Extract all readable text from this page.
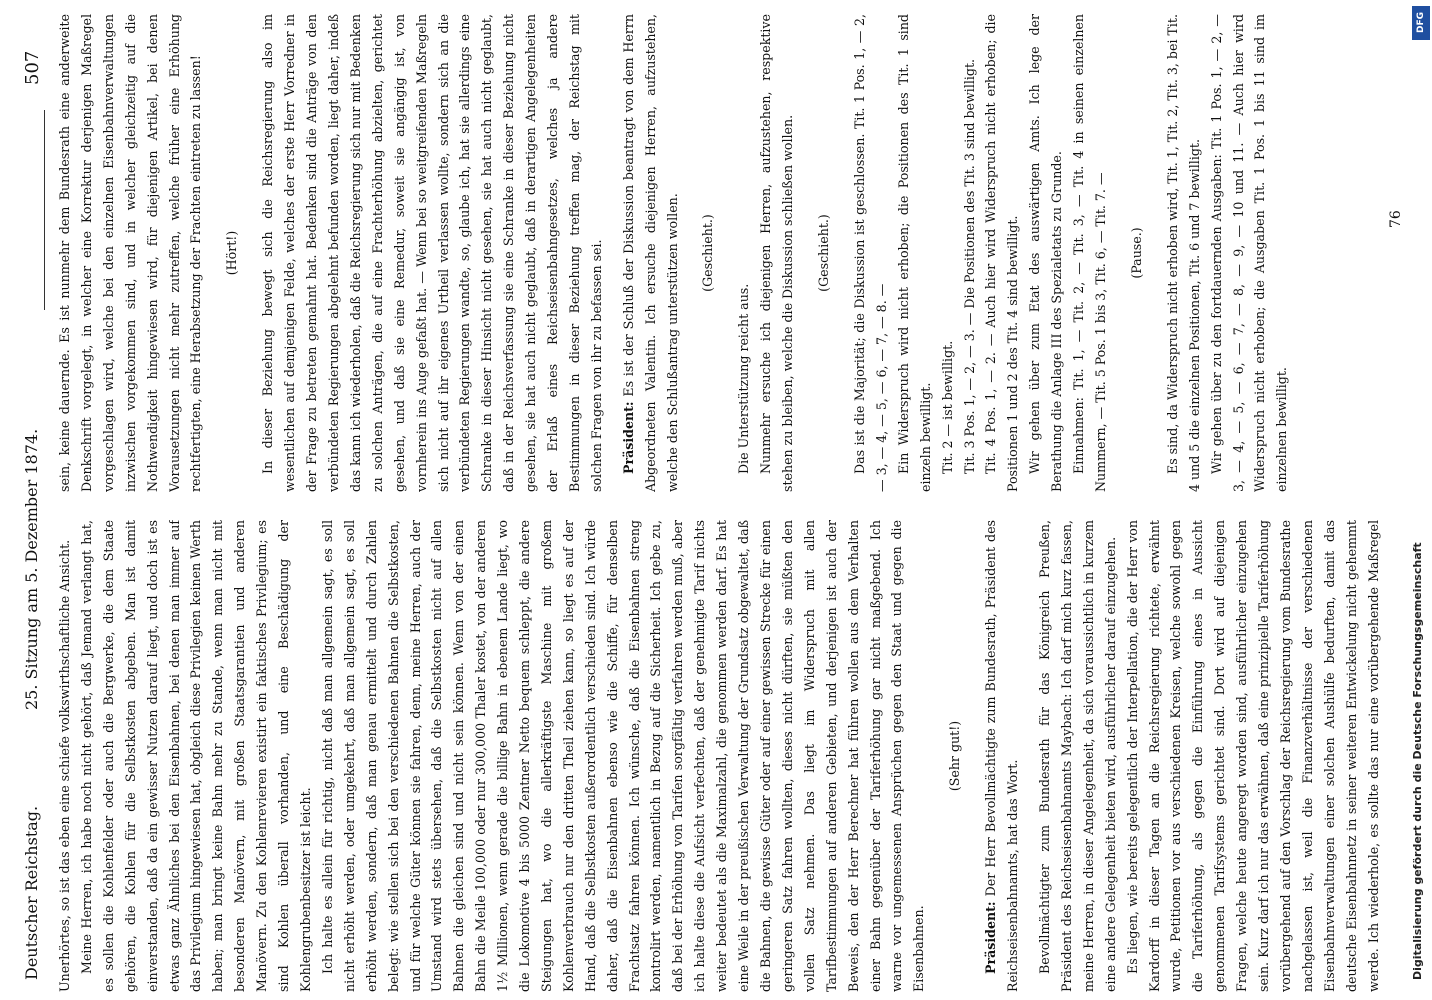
Deutscher Reichstag.
25. Sitzung am 5. Dezember 1874.
507

Unerhörtes, so ist das eben eine schiefe volkswirthschaftliche Ansicht. Meine Herren, ich habe noch nicht gehört, daß Jemand verlangt hat, es sollen die Kohlenfelder oder auch die Bergwerke, die dem Staate gehören, die Kohlen für die Selbstkosten abgeben. Man ist damit einverstanden, daß da ein gewisser Nutzen darauf liegt, und doch ist es etwas ganz Ähnliches bei den Eisenbahnen, bei denen man immer auf das Privilegium hingewiesen hat, obgleich diese Privilegien keinen Werth haben; man bringt keine Bahn mehr zu Stande, wenn man nicht mit besonderen Manövern, mit großen Staatsgarantien und anderen Manövern. Zu den Kohlenrevieren existirt ein faktisches Privilegium; es sind Kohlen überall vorhanden, und eine Beschädigung der Kohlengrubenbesitzer ist leicht. Ich halte es allein für richtig, nicht daß man allgemein sagt, es soll nicht erhöht werden, oder umgekehrt, daß man allgemein sagt, es soll erhöht werden, sondern, daß man genau ermittelt und durch Zahlen belegt: wie stellen sich bei den verschiedenen Bahnen die Selbstkosten, und für welche Güter können sie fahren, denn, meine Herren, auch der Umstand wird stets übersehen, daß die Selbstkosten nicht auf allen Bahnen die gleichen sind und nicht sein können. Wenn von der einen Bahn die Meile 100,000 oder nur 300,000 Thaler kostet, von der anderen 1½ Millionen, wenn gerade die billige Bahn in ebenem Lande liegt, wo die Lokomotive 4 bis 5000 Zentner Netto bequem schleppt, die andere Steigungen hat, wo die allerkräftigste Maschine mit großem Kohlenverbrauch nur den dritten Theil ziehen kann, so liegt es auf der Hand, daß die Selbstkosten außerordentlich verschieden sind. Ich würde daher, daß die Eisenbahnen ebenso wie die Schiffe, für denselben Frachtsatz fahren können. Ich wünsche, daß die Eisenbahnen streng kontrolirt werden, namentlich in Bezug auf die Sicherheit. Ich gebe zu, daß bei der Erhöhung von Tarifen sorgfältig verfahren werden muß, aber ich halte diese die Aufsicht verfechten, daß der genehmigte Tarif nichts weiter bedeutet als die Maximalzahl, die genommen werden darf. Es hat eine Weile in der preußischen Verwaltung der Grundsatz obgewaltet, daß die Bahnen, die gewisse Güter oder auf einer gewissen Strecke für einen geringeren Satz fahren wollten, dieses nicht dürften, sie müßten den vollen Satz nehmen. Das liegt im Widerspruch mit allen Tarifbestimmungen auf anderen Gebieten, und derjenigen ist auch der Beweis, den der Herr Berechner hat führen wollen aus dem Verhalten einer Bahn gegenüber der Tariferhöhung gar nicht maßgebend. Ich warne vor ungemessenen Ansprüchen gegen den Staat und gegen die Eisenbahnen.

(Sehr gut!)

Präsident: Der Herr Bevollmächtigte zum Bundesrath, Präsident des Reichseisenbahnamts, hat das Wort.	Bevollmächtigter zum Bundesrath für das Königreich Preußen, Präsident des Reichseisenbahnamts Maybach: Ich darf mich kurz fassen, meine Herren, in dieser Angelegenheit, da sich voraussichtlich in kurzem eine andere Gelegenheit bieten wird, ausführlicher darauf einzugehen. Es liegen, wie bereits gelegentlich der Interpellation, die der Herr von Kardorff in dieser Tagen an die Reichsregierung richtete, erwähnt wurde, Petitionen vor aus verschiedenen Kreisen, welche sowohl gegen die Tariferhöhung, als gegen die Einführung eines in Aussicht genommenen Tarifsystems gerichtet sind. Dort wird auf diejenigen Fragen, welche heute angeregt worden sind, ausführlicher einzugehen sein. Kurz darf ich nur das erwähnen, daß eine prinzipielle Tariferhöhung vorübergehend auf den Vorschlag der Reichsregierung vom Bundesrathe nachgelassen ist, weil die Finanzverhältnisse der verschiedenen Eisenbahnverwaltungen einer solchen Aushülfe bedurften, damit das deutsche Eisenbahnnetz in seiner weiteren Entwickelung nicht gehemmt werde. Ich wiederhole, es sollte das nur eine vorübergehende Maßregel

sein, keine dauernde. Es ist nunmehr dem Bundesrath eine anderweite Denkschrift vorgelegt, in welcher eine Korrektur derjenigen Maßregel vorgeschlagen wird, welche bei den einzelnen Eisenbahnverwaltungen inzwischen vorgekommen sind, und in welcher gleichzeitig auf die Nothwendigkeit hingewiesen wird, für diejenigen Artikel, bei denen Vorausetzungen nicht mehr zutreffen, welche früher eine Erhöhung rechtfertigten, eine Herabsetzung der Frachten eintreten zu lassen!	(Hört!)	In dieser Beziehung bewegt sich die Reichsregierung also im wesentlichen auf demjenigen Felde, welches der erste Herr Vorredner in der Frage zu betreten gemahnt hat. Bedenken sind die Anträge von den verbündeten Regierungen abgelehnt befunden worden, liegt daher, indeß das kann ich wiederholen, daß die Reichsregierung sich nur mit Bedenken zu solchen Anträgen, die auf eine Frachterhöhung abzielten, gerichtet gesehen, und daß sie eine Remedur, soweit sie angängig ist, von vornherein ins Auge gefaßt hat. — Wenn bei so weitgreifenden Maßregeln sich nicht auf ihr eigenes Urtheil verlassen wollte, sondern sich an die verbündeten Regierungen wandte, so, glaube ich, hat sie allerdings eine Schranke in dieser Hinsicht nicht gesehen, sie hat auch nicht geglaubt, daß in der Reichsverfassung sie eine Schranke in dieser Beziehung nicht gesehen, sie hat auch nicht geglaubt, daß in derartigen Angelegenheiten der Erlaß eines Reichseisenbahngesetzes, welches ja andere Bestimmungen in dieser Beziehung treffen mag, der Reichstag mit solchen Fragen von ihr zu befassen sei.	Präsident: Es ist der Schluß der Diskussion beantragt von dem Herrn Abgeordneten Valentin. Ich ersuche diejenigen Herren, aufzustehen, welche den Schlußantrag unterstützen wollen.	(Geschieht.)

Die Unterstützung reicht aus. Nunmehr ersuche ich diejenigen Herren, aufzustehen, respektive stehen zu bleiben, welche die Diskussion schließen wollen.	(Geschieht.)	Das ist die Majorität; die Diskussion ist geschlossen. Tit. 1 Pos. 1, — 2, — 3, — 4, — 5, — 6, — 7, — 8. — Ein Widerspruch wird nicht erhoben; die Positionen des Tit. 1 sind einzeln bewilligt. Tit. 2 — ist bewilligt. Tit. 3 Pos. 1, — 2, — 3. — Die Positionen des Tit. 3 sind bewilligt. Tit. 4 Pos. 1, — 2. — Auch hier wird Widerspruch nicht erhoben; die Positionen 1 und 2 des Tit. 4 sind bewilligt. Wir gehen über zum Etat des auswärtigen Amts. Ich lege der Berathung die Anlage III des Spezialetats zu Grunde. Einnahmen: Tit. 1, — Tit. 2, — Tit. 3, — Tit. 4 in seinen einzelnen Nummern, — Tit. 5 Pos. 1 bis 3, Tit. 6, — Tit. 7. —	(Pause.)	Es sind, da Widerspruch nicht erhoben wird, Tit. 1, Tit. 2, Tit. 3, bei Tit. 4 und 5 die einzelnen Positionen, Tit. 6 und 7 bewilligt. Wir gehen über zu den fortdauernden Ausgaben: Tit. 1 Pos. 1, — 2, — 3, — 4, — 5, — 6, — 7, — 8, — 9, — 10 und 11. — Auch hier wird Widerspruch nicht erhoben; die Ausgaben Tit. 1 Pos. 1 bis 11 sind im einzelnen bewilligt.

76
DFG
Digitalisierung gefördert durch die Deutsche Forschungsgemeinschaft
